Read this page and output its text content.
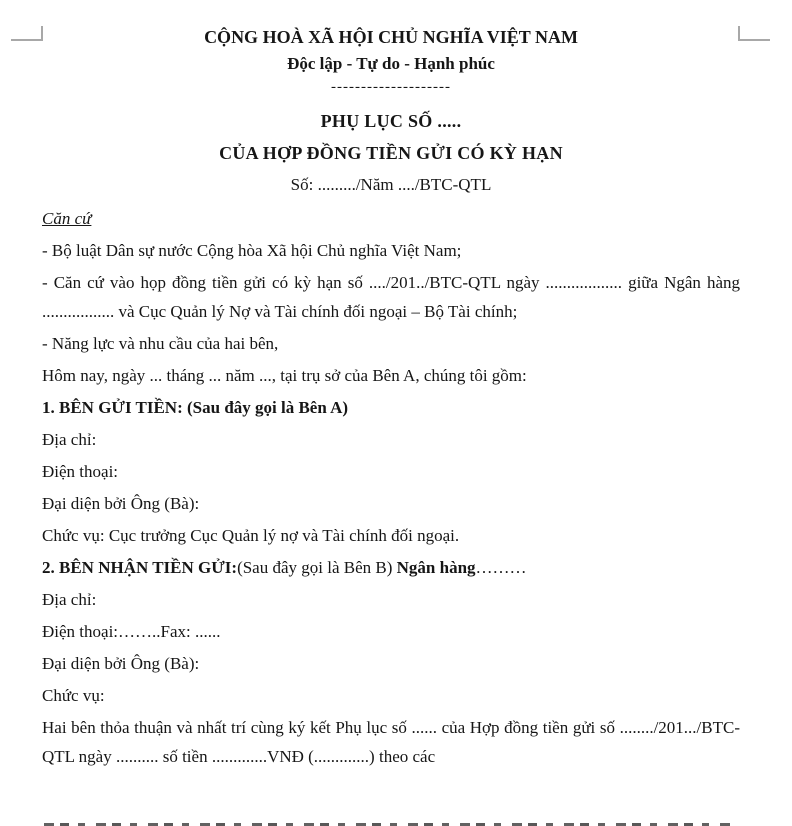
CỘNG HOÀ XÃ HỘI CHỦ NGHĨA VIỆT NAM

Độc lập - Tự do - Hạnh phúc

--------------------

PHỤ LỤC SỐ .....

CỦA HỢP ĐỒNG TIỀN GỬI CÓ KỲ HẠN

Số: ........./Năm ..../BTC-QTL

Căn cứ

- Bộ luật Dân sự nước Cộng hòa Xã hội Chủ nghĩa Việt Nam;

- Căn cứ vào họp đồng tiền gửi có kỳ hạn số ..../201../BTC-QTL ngày .................. giữa Ngân hàng ................. và Cục Quản lý Nợ và Tài chính đối ngoại – Bộ Tài chính;

- Năng lực và nhu cầu của hai bên,

Hôm nay, ngày ... tháng ... năm ..., tại trụ sở của Bên A, chúng tôi gồm:

1. BÊN GỬI TIỀN: (Sau đây gọi là Bên A)

Địa chỉ:

Điện thoại:

Đại diện bởi Ông (Bà):

Chức vụ: Cục trưởng Cục Quản lý nợ và Tài chính đối ngoại.

2. BÊN NHẬN TIỀN GỬI:(Sau đây gọi là Bên B) Ngân hàng………

Địa chỉ:

Điện thoại:……..Fax: ......

Đại diện bởi Ông (Bà):

Chức vụ:

Hai bên thỏa thuận và nhất trí cùng ký kết Phụ lục số ...... của Hợp đồng tiền gửi số ......../201.../BTC-QTL ngày .......... số tiền .............VNĐ (.............) theo các
